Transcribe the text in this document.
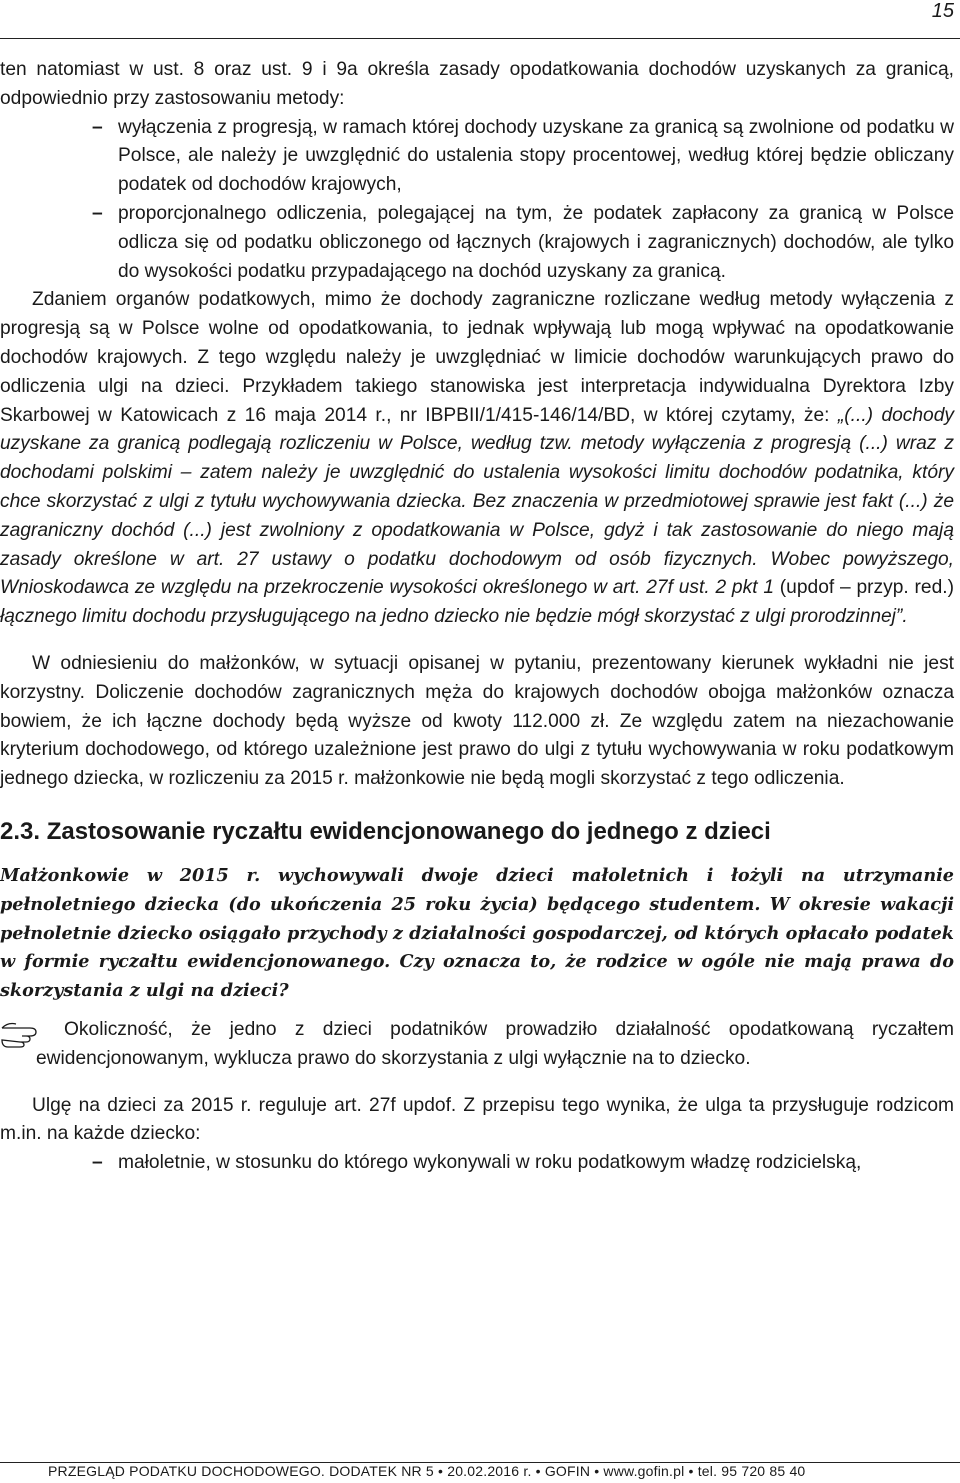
15

ten natomiast w ust. 8 oraz ust. 9 i 9a określa zasady opodatkowania dochodów uzyskanych za granicą, odpowiednio przy zastosowaniu metody:

– wyłączenia z progresją, w ramach której dochody uzyskane za granicą są zwolnione od podatku w Polsce, ale należy je uwzględnić do ustalenia stopy procentowej, według której będzie obliczany podatek od dochodów krajowych,
– proporcjonalnego odliczenia, polegającej na tym, że podatek zapłacony za granicą w Polsce odlicza się od podatku obliczonego od łącznych (krajowych i zagranicznych) dochodów, ale tylko do wysokości podatku przypadającego na dochód uzyskany za granicą.

Zdaniem organów podatkowych, mimo że dochody zagraniczne rozliczane według metody wyłączenia z progresją są w Polsce wolne od opodatkowania, to jednak wpływają lub mogą wpływać na opodatkowanie dochodów krajowych. Z tego względu należy je uwzględniać w limicie dochodów warunkujących prawo do odliczenia ulgi na dzieci. Przykładem takiego stanowiska jest interpretacja indywidualna Dyrektora Izby Skarbowej w Katowicach z 16 maja 2014 r., nr IBPBII/1/415-146/14/BD, w której czytamy, że: „(...) dochody uzyskane za granicą podlegają rozliczeniu w Polsce, według tzw. metody wyłączenia z progresją (...) wraz z dochodami polskimi – zatem należy je uwzględnić do ustalenia wysokości limitu dochodów podatnika, który chce skorzystać z ulgi z tytułu wychowywania dziecka. Bez znaczenia w przedmiotowej sprawie jest fakt (...) że zagraniczny dochód (...) jest zwolniony z opodatkowania w Polsce, gdyż i tak zastosowanie do niego mają zasady określone w art. 27 ustawy o podatku dochodowym od osób fizycznych. Wobec powyższego, Wnioskodawca ze względu na przekroczenie wysokości określonego w art. 27f ust. 2 pkt 1 (updof – przyp. red.) łącznego limitu dochodu przysługującego na jedno dziecko nie będzie mógł skorzystać z ulgi prorodzinnej”.

W odniesieniu do małżonków, w sytuacji opisanej w pytaniu, prezentowany kierunek wykładni nie jest korzystny. Doliczenie dochodów zagranicznych męża do krajowych dochodów obojga małżonków oznacza bowiem, że ich łączne dochody będą wyższe od kwoty 112.000 zł. Ze względu zatem na niezachowanie kryterium dochodowego, od którego uzależnione jest prawo do ulgi z tytułu wychowywania w roku podatkowym jednego dziecka, w rozliczeniu za 2015 r. małżonkowie nie będą mogli skorzystać z tego odliczenia.

2.3. Zastosowanie ryczałtu ewidencjonowanego do jednego z dzieci
Małżonkowie w 2015 r. wychowywali dwoje dzieci małoletnich i łożyli na utrzymanie pełnoletniego dziecka (do ukończenia 25 roku życia) będącego studentem. W okresie wakacji pełnoletnie dziecko osiągało przychody z działalności gospodarczej, od których opłacało podatek w formie ryczałtu ewidencjonowanego. Czy oznacza to, że rodzice w ogóle nie mają prawa do skorzystania z ulgi na dzieci?
Okoliczność, że jedno z dzieci podatników prowadziło działalność opodatkowaną ryczałtem ewidencjonowanym, wyklucza prawo do skorzystania z ulgi wyłącznie na to dziecko.

Ulgę na dzieci za 2015 r. reguluje art. 27f updof. Z przepisu tego wynika, że ulga ta przysługuje rodzicom m.in. na każde dziecko:

– małoletnie, w stosunku do którego wykonywali w roku podatkowym władzę rodzicielską,
PRZEGLĄD PODATKU DOCHODOWEGO. DODATEK NR 5 • 20.02.2016 r. • GOFIN • www.gofin.pl • tel. 95 720 85 40
